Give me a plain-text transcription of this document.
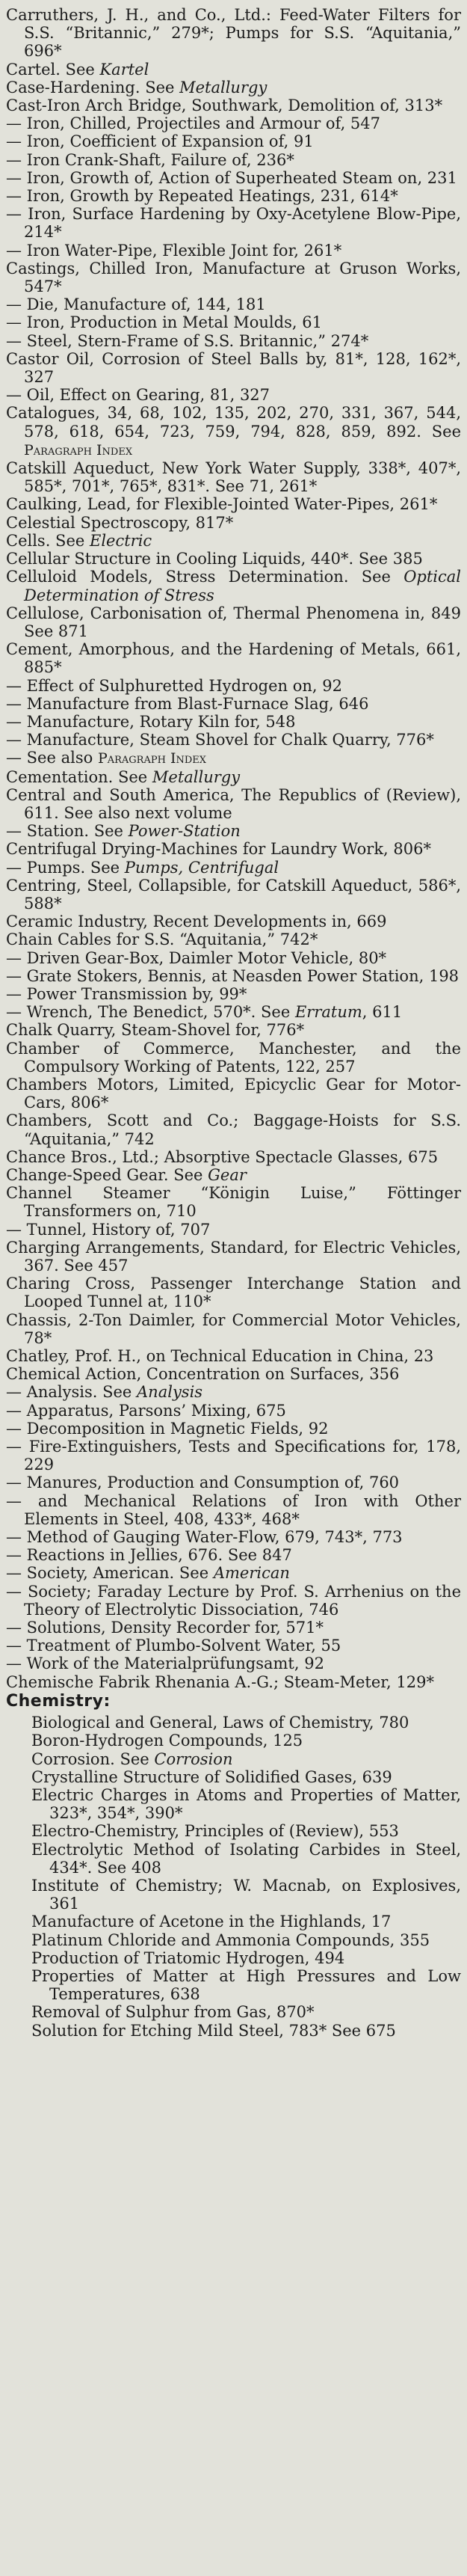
Carruthers, J. H., and Co., Ltd.: Feed-Water Filters for S.S. “Britannic,” 279*; Pumps for S.S. “Aquitania,” 696*

Cartel. See Kartel

Case-Hardening. See Metallurgy

Cast-Iron Arch Bridge, Southwark, Demolition of, 313*

— Iron, Chilled, Projectiles and Armour of, 547

— Iron, Coefficient of Expansion of, 91

— Iron Crank-Shaft, Failure of, 236*

— Iron, Growth of, Action of Superheated Steam on, 231

— Iron, Growth by Repeated Heatings, 231, 614*

— Iron, Surface Hardening by Oxy-Acetylene Blow-Pipe, 214*

— Iron Water-Pipe, Flexible Joint for, 261*

Castings, Chilled Iron, Manufacture at Gruson Works, 547*

— Die, Manufacture of, 144, 181

— Iron, Production in Metal Moulds, 61

— Steel, Stern-Frame of S.S. Britannic,” 274*

Castor Oil, Corrosion of Steel Balls by, 81*, 128, 162*, 327

— Oil, Effect on Gearing, 81, 327

Catalogues, 34, 68, 102, 135, 202, 270, 331, 367, 544, 578, 618, 654, 723, 759, 794, 828, 859, 892. See Paragraph Index

Catskill Aqueduct, New York Water Supply, 338*, 407*, 585*, 701*, 765*, 831*. See 71, 261*

Caulking, Lead, for Flexible-Jointed Water-Pipes, 261*

Celestial Spectroscopy, 817*

Cells. See Electric

Cellular Structure in Cooling Liquids, 440*. See 385

Celluloid Models, Stress Determination. See Optical Determination of Stress

Cellulose, Carbonisation of, Thermal Phenomena in, 849 See 871

Cement, Amorphous, and the Hardening of Metals, 661, 885*

— Effect of Sulphuretted Hydrogen on, 92

— Manufacture from Blast-Furnace Slag, 646

— Manufacture, Rotary Kiln for, 548

— Manufacture, Steam Shovel for Chalk Quarry, 776*

— See also Paragraph Index

Cementation. See Metallurgy

Central and South America, The Republics of (Review), 611. See also next volume

— Station. See Power-Station

Centrifugal Drying-Machines for Laundry Work, 806*

— Pumps. See Pumps, Centrifugal

Centring, Steel, Collapsible, for Catskill Aqueduct, 586*, 588*

Ceramic Industry, Recent Developments in, 669

Chain Cables for S.S. “Aquitania,” 742*

— Driven Gear-Box, Daimler Motor Vehicle, 80*

— Grate Stokers, Bennis, at Neasden Power Station, 198

— Power Transmission by, 99*

— Wrench, The Benedict, 570*. See Erratum, 611

Chalk Quarry, Steam-Shovel for, 776*

Chamber of Commerce, Manchester, and the Compulsory Working of Patents, 122, 257

Chambers Motors, Limited, Epicyclic Gear for Motor-Cars, 806*

Chambers, Scott and Co.; Baggage-Hoists for S.S. “Aquitania,” 742

Chance Bros., Ltd.; Absorptive Spectacle Glasses, 675

Change-Speed Gear. See Gear

Channel Steamer “Königin Luise,” Föttinger Transformers on, 710

— Tunnel, History of, 707

Charging Arrangements, Standard, for Electric Vehicles, 367. See 457

Charing Cross, Passenger Interchange Station and Looped Tunnel at, 110*

Chassis, 2-Ton Daimler, for Commercial Motor Vehicles, 78*

Chatley, Prof. H., on Technical Education in China, 23

Chemical Action, Concentration on Surfaces, 356

— Analysis. See Analysis

— Apparatus, Parsons’ Mixing, 675

— Decomposition in Magnetic Fields, 92

— Fire-Extinguishers, Tests and Specifications for, 178, 229

— Manures, Production and Consumption of, 760

— and Mechanical Relations of Iron with Other Elements in Steel, 408, 433*, 468*

— Method of Gauging Water-Flow, 679, 743*, 773

— Reactions in Jellies, 676. See 847

— Society, American. See American

— Society; Faraday Lecture by Prof. S. Arrhenius on the Theory of Electrolytic Dissociation, 746

— Solutions, Density Recorder for, 571*

— Treatment of Plumbo-Solvent Water, 55

— Work of the Materialprüfungsamt, 92

Chemische Fabrik Rhenania A.-G.; Steam-Meter, 129*

Chemistry:

Biological and General, Laws of Chemistry, 780

Boron-Hydrogen Compounds, 125

Corrosion. See Corrosion

Crystalline Structure of Solidified Gases, 639

Electric Charges in Atoms and Properties of Matter, 323*, 354*, 390*

Electro-Chemistry, Principles of (Review), 553

Electrolytic Method of Isolating Carbides in Steel, 434*. See 408

Institute of Chemistry; W. Macnab, on Explosives, 361

Manufacture of Acetone in the Highlands, 17

Platinum Chloride and Ammonia Compounds, 355

Production of Triatomic Hydrogen, 494

Properties of Matter at High Pressures and Low Temperatures, 638

Removal of Sulphur from Gas, 870*

Solution for Etching Mild Steel, 783* See 675
